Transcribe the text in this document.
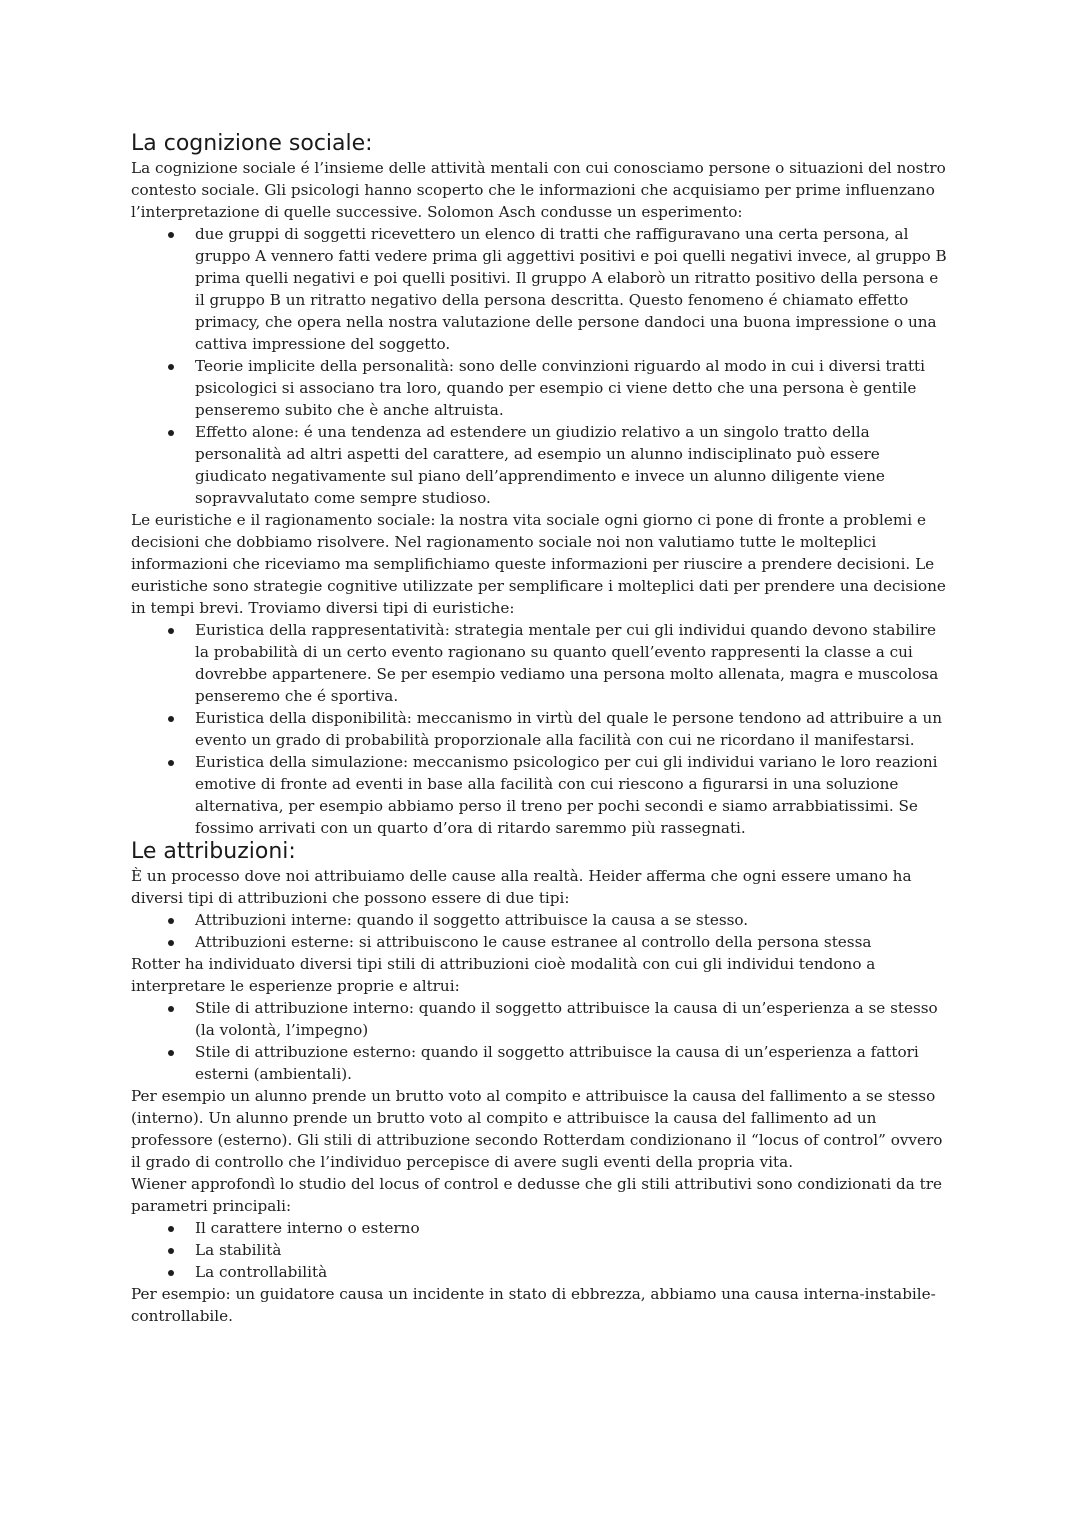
La cognizione sociale:

La cognizione sociale é l’insieme delle attività mentali con cui conosciamo persone o situazioni del nostro contesto sociale. Gli psicologi hanno scoperto che le informazioni che acquisiamo per prime influenzano l’interpretazione di quelle successive. Solomon Asch condusse un esperimento:

due gruppi di soggetti ricevettero un elenco di tratti che raffiguravano una certa persona, al gruppo A vennero fatti vedere prima gli aggettivi positivi e poi quelli negativi invece, al gruppo B prima quelli negativi e poi quelli positivi. Il gruppo A elaborò un ritratto positivo della persona e il gruppo B un ritratto negativo della persona descritta. Questo fenomeno é chiamato effetto primacy, che opera nella nostra valutazione delle persone dandoci una buona impressione o una cattiva impressione del soggetto.
Teorie implicite della personalità: sono delle convinzioni riguardo al modo in cui i diversi tratti psicologici si associano tra loro, quando per esempio ci viene detto che una persona è gentile penseremo subito che è anche altruista.
Effetto alone: é una tendenza ad estendere un giudizio relativo a un singolo tratto della personalità ad altri aspetti del carattere, ad esempio un alunno indisciplinato può essere giudicato negativamente sul piano dell’apprendimento e invece un alunno diligente viene sopravvalutato come sempre studioso.

Le euristiche e il ragionamento sociale: la nostra vita sociale ogni giorno ci pone di fronte a problemi e decisioni che dobbiamo risolvere. Nel ragionamento sociale noi non valutiamo tutte le molteplici informazioni che riceviamo ma semplifichiamo queste informazioni per riuscire a prendere decisioni. Le euristiche sono strategie cognitive utilizzate per semplificare i molteplici dati per prendere una decisione in tempi brevi. Troviamo diversi tipi di euristiche:

Euristica della rappresentatività: strategia mentale per cui gli individui quando devono stabilire la probabilità di un certo evento ragionano su quanto quell’evento rappresenti la classe a cui dovrebbe appartenere. Se per esempio vediamo una persona molto allenata, magra e muscolosa penseremo che é sportiva.
Euristica della disponibilità: meccanismo in virtù del quale le persone tendono ad attribuire a un evento un grado di probabilità proporzionale alla facilità con cui ne ricordano il manifestarsi.
Euristica della simulazione: meccanismo psicologico per cui gli individui variano le loro reazioni emotive di fronte ad eventi in base alla facilità con cui riescono a figurarsi in una soluzione alternativa, per esempio abbiamo perso il treno per pochi secondi e siamo arrabbiatissimi. Se fossimo arrivati con un quarto d’ora di ritardo saremmo più rassegnati.
Le attribuzioni:

È un processo dove noi attribuiamo delle cause alla realtà. Heider afferma che ogni essere umano ha diversi tipi di attribuzioni che possono essere di due tipi:

Attribuzioni interne: quando il soggetto attribuisce la causa a se stesso.
Attribuzioni esterne: si attribuiscono le cause estranee al controllo della persona stessa

Rotter ha individuato diversi tipi stili di attribuzioni cioè modalità con cui gli individui tendono a interpretare le esperienze proprie e altrui:

Stile di attribuzione interno: quando il soggetto attribuisce la causa di un’esperienza a se stesso (la volontà, l’impegno)
Stile di attribuzione esterno: quando il soggetto attribuisce la causa di un’esperienza a fattori esterni (ambientali).

Per esempio un alunno prende un brutto voto al compito e attribuisce la causa del fallimento a se stesso (interno). Un alunno prende un brutto voto al compito e attribuisce la causa del fallimento ad un professore (esterno). Gli stili di attribuzione secondo Rotterdam condizionano il “locus of control” ovvero il grado di controllo che l’individuo percepisce di avere sugli eventi della propria vita.

Wiener approfondì lo studio del locus of control e dedusse che gli stili attributivi sono condizionati da tre parametri principali:

Il carattere interno o esterno
La stabilità
La controllabilità

Per esempio: un guidatore causa un incidente in stato di ebbrezza, abbiamo una causa interna-instabile-controllabile.
